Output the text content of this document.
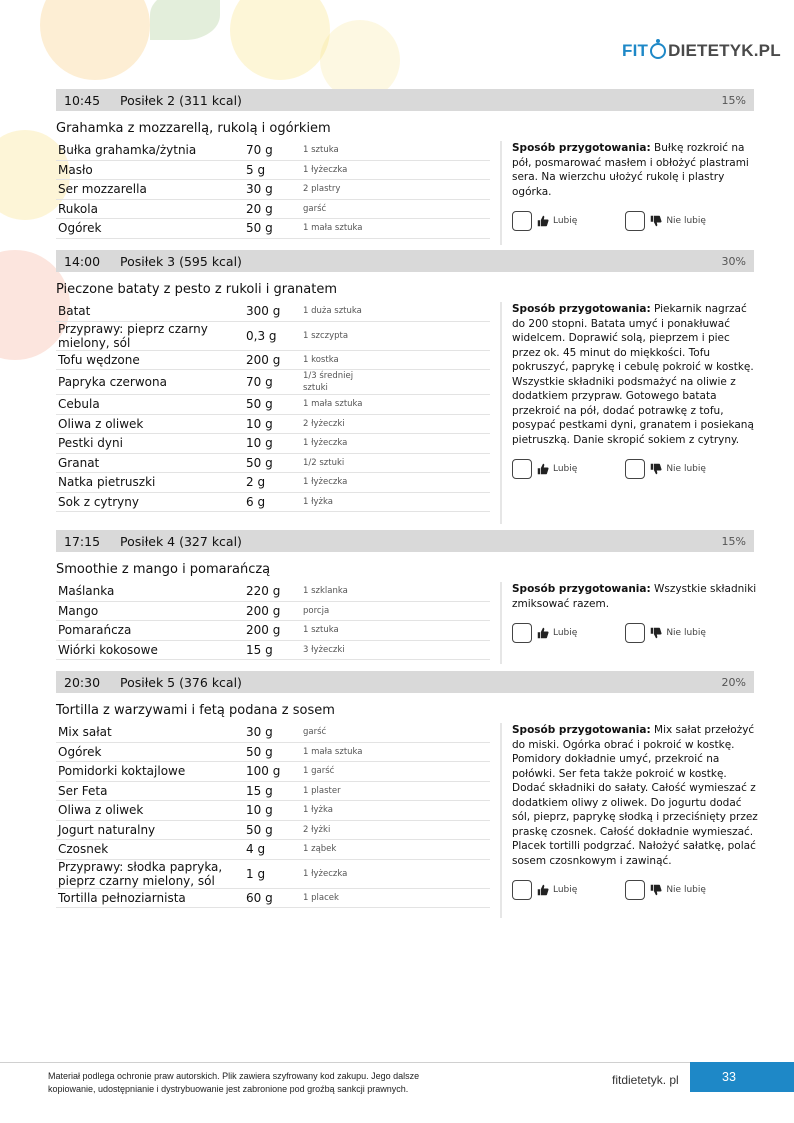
FIT DIETETYK.PL
10:45	Posiłek 2 (311 kcal)	15%
Grahamka z mozzarellą, rukolą i ogórkiem
Bułka grahamka/żytnia	70 g	1 sztuka
Masło	5 g	1 łyżeczka
Ser mozzarella	30 g	2 plastry
Rukola	20 g	garść
Ogórek	50 g	1 mała sztuka
Sposób przygotowania: Bułkę rozkroić na pół, posmarować masłem i obłożyć plastrami sera. Na wierzchu ułożyć rukolę i plastry ogórka.
Lubię	Nie lubię
14:00	Posiłek 3 (595 kcal)	30%
Pieczone bataty z pesto z rukoli i granatem
Batat	300 g	1 duża sztuka
Przyprawy: pieprz czarny mielony, sól	0,3 g	1 szczypta
Tofu wędzone	200 g	1 kostka
Papryka czerwona	70 g	1/3 średniej sztuki
Cebula	50 g	1 mała sztuka
Oliwa z oliwek	10 g	2 łyżeczki
Pestki dyni	10 g	1 łyżeczka
Granat	50 g	1/2 sztuki
Natka pietruszki	2 g	1 łyżeczka
Sok z cytryny	6 g	1 łyżka
Sposób przygotowania: Piekarnik nagrzać do 200 stopni. Batata umyć i ponakłuwać widelcem. Doprawić solą, pieprzem i piec przez ok. 45 minut do miękkości. Tofu pokruszyć, paprykę i cebulę pokroić w kostkę. Wszystkie składniki podsmażyć na oliwie z dodatkiem przypraw. Gotowego batata przekroić na pół, dodać potrawkę z tofu, posypać pestkami dyni, granatem i posiekaną pietruszką. Danie skropić sokiem z cytryny.
Lubię	Nie lubię
17:15	Posiłek 4 (327 kcal)	15%
Smoothie z mango i pomarańczą
Maślanka	220 g	1 szklanka
Mango	200 g	porcja
Pomarańcza	200 g	1 sztuka
Wiórki kokosowe	15 g	3 łyżeczki
Sposób przygotowania: Wszystkie składniki zmiksować razem.
Lubię	Nie lubię
20:30	Posiłek 5 (376 kcal)	20%
Tortilla z warzywami i fetą podana z sosem
Mix sałat	30 g	garść
Ogórek	50 g	1 mała sztuka
Pomidorki koktajlowe	100 g	1 garść
Ser Feta	15 g	1 plaster
Oliwa z oliwek	10 g	1 łyżka
Jogurt naturalny	50 g	2 łyżki
Czosnek	4 g	1 ząbek
Przyprawy: słodka papryka, pieprz czarny mielony, sól	1 g	1 łyżeczka
Tortilla pełnoziarnista	60 g	1 placek
Sposób przygotowania: Mix sałat przełożyć do miski. Ogórka obrać i pokroić w kostkę. Pomidory dokładnie umyć, przekroić na połówki. Ser feta także pokroić w kostkę. Dodać składniki do sałaty. Całość wymieszać z dodatkiem oliwy z oliwek. Do jogurtu dodać sól, pieprz, paprykę słodką i przeciśnięty przez praskę czosnek. Całość dokładnie wymieszać. Placek tortilli podgrzać. Nałożyć sałatkę, polać sosem czosnkowym i zawinąć.
Lubię	Nie lubię
Materiał podlega ochronie praw autorskich. Plik zawiera szyfrowany kod zakupu. Jego dalsze kopiowanie, udostępnianie i dystrybuowanie jest zabronione pod groźbą sankcji prawnych.
fitdietetyk. pl	33
